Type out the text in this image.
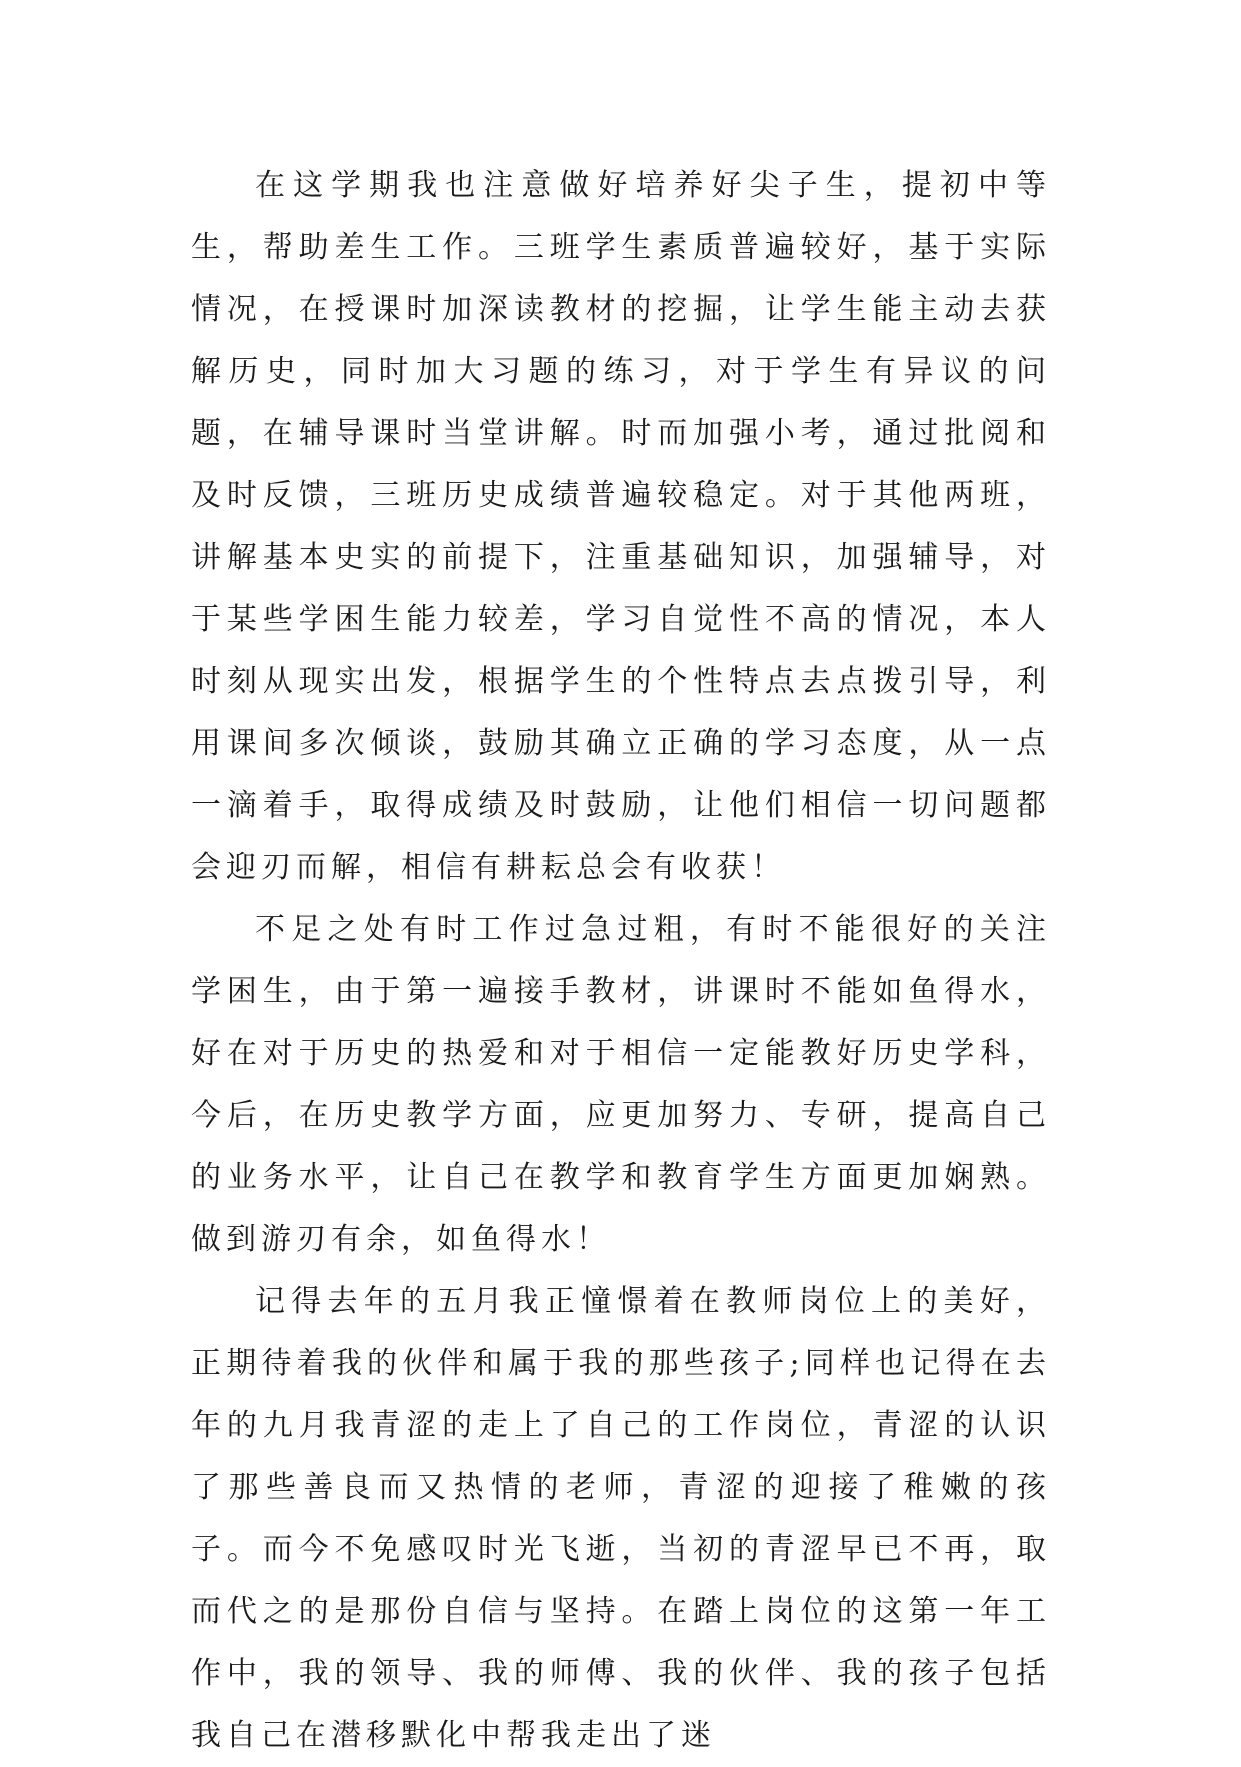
在这学期我也注意做好培养好尖子生，提初中等生，帮助差生工作。三班学生素质普遍较好，基于实际情况，在授课时加深读教材的挖掘，让学生能主动去获解历史，同时加大习题的练习，对于学生有异议的问题，在辅导课时当堂讲解。时而加强小考，通过批阅和及时反馈，三班历史成绩普遍较稳定。对于其他两班，讲解基本史实的前提下，注重基础知识，加强辅导，对于某些学困生能力较差，学习自觉性不高的情况，本人时刻从现实出发，根据学生的个性特点去点拨引导，利用课间多次倾谈，鼓励其确立正确的学习态度，从一点一滴着手，取得成绩及时鼓励，让他们相信一切问题都会迎刃而解，相信有耕耘总会有收获！

不足之处有时工作过急过粗，有时不能很好的关注学困生，由于第一遍接手教材，讲课时不能如鱼得水，好在对于历史的热爱和对于相信一定能教好历史学科，今后，在历史教学方面，应更加努力、专研，提高自己的业务水平，让自己在教学和教育学生方面更加娴熟。做到游刃有余，如鱼得水！

记得去年的五月我正憧憬着在教师岗位上的美好，正期待着我的伙伴和属于我的那些孩子;同样也记得在去年的九月我青涩的走上了自己的工作岗位，青涩的认识了那些善良而又热情的老师，青涩的迎接了稚嫩的孩子。而今不免感叹时光飞逝，当初的青涩早已不再，取而代之的是那份自信与坚持。在踏上岗位的这第一年工作中，我的领导、我的师傅、我的伙伴、我的孩子包括我自己在潜移默化中帮我走出了迷
